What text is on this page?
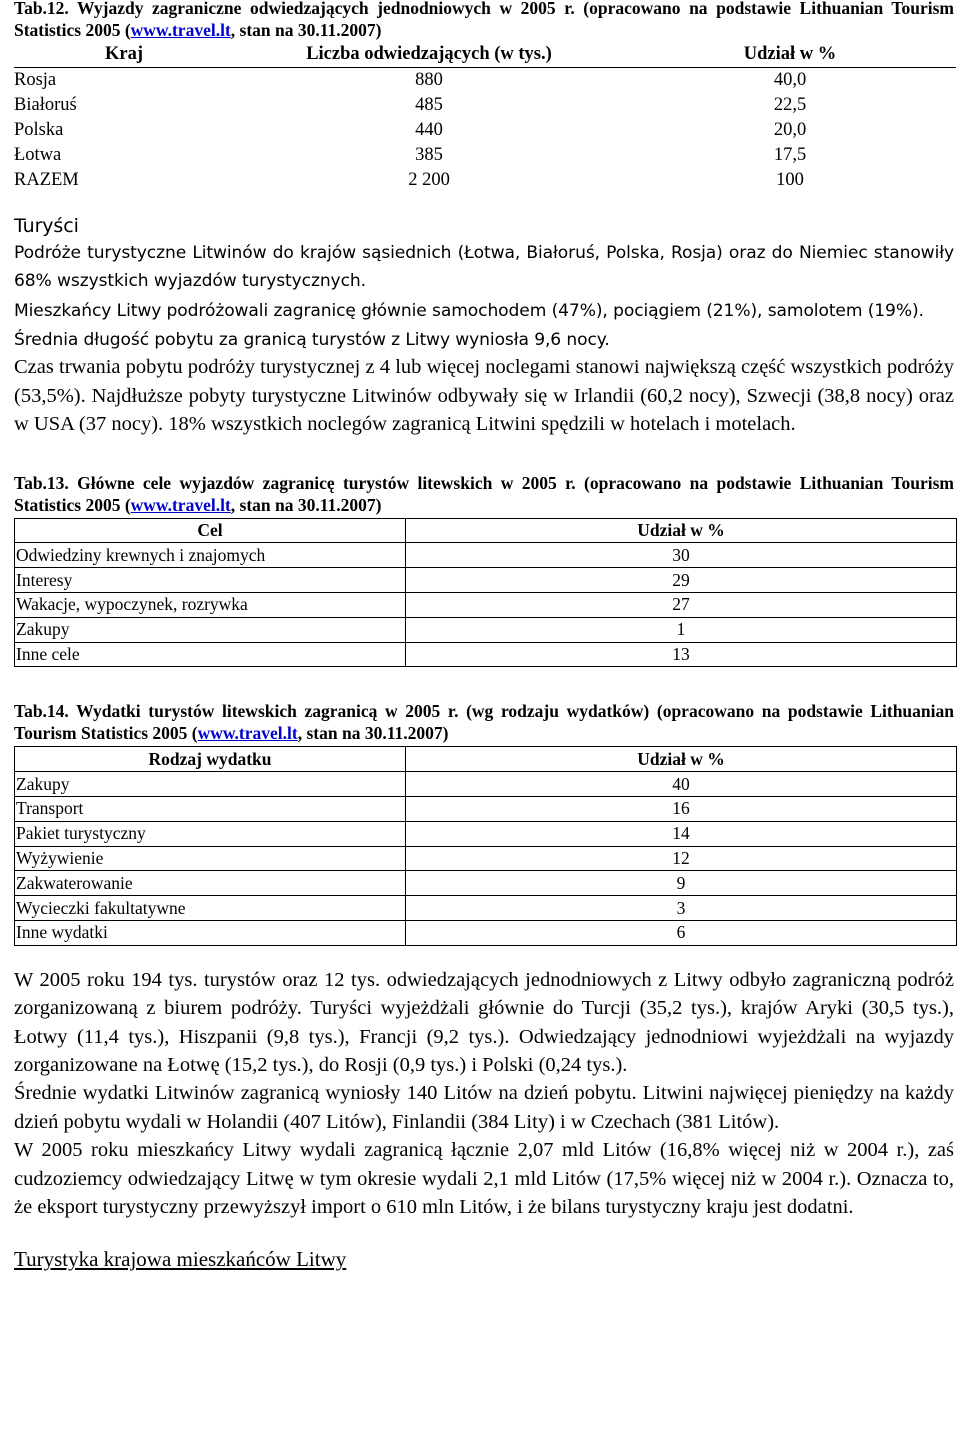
Tab.12. Wyjazdy zagraniczne odwiedzających jednodniowych w 2005 r. (opracowano na podstawie Lithuanian Tourism Statistics 2005 (www.travel.lt, stan na 30.11.2007)

Kraj	Liczba odwiedzających (w tys.)	Udział w %
Rosja	880	40,0
Białoruś	485	22,5
Polska	440	20,0
Łotwa	385	17,5
RAZEM	2 200	100

Turyści

Podróże turystyczne Litwinów do krajów sąsiednich (Łotwa, Białoruś, Polska, Rosja) oraz do Niemiec stanowiły 68% wszystkich wyjazdów turystycznych.

Mieszkańcy Litwy podróżowali zagranicę głównie samochodem (47%), pociągiem (21%), samolotem (19%).

Średnia długość pobytu za granicą turystów z Litwy wyniosła 9,6 nocy.

Czas trwania pobytu podróży turystycznej z 4 lub więcej noclegami stanowi największą część wszystkich podróży (53,5%). Najdłuższe pobyty turystyczne Litwinów odbywały się w Irlandii (60,2 nocy), Szwecji (38,8 nocy) oraz w USA (37 nocy). 18% wszystkich noclegów zagranicą Litwini spędzili w hotelach i motelach.

Tab.13. Główne cele wyjazdów zagranicę turystów litewskich w 2005 r. (opracowano na podstawie Lithuanian Tourism Statistics 2005 (www.travel.lt, stan na 30.11.2007)

Cel	Udział w %
Odwiedziny krewnych i znajomych	30
Interesy	29
Wakacje, wypoczynek, rozrywka	27
Zakupy	1
Inne cele	13

Tab.14. Wydatki turystów litewskich zagranicą w 2005 r. (wg rodzaju wydatków) (opracowano na podstawie Lithuanian Tourism Statistics 2005 (www.travel.lt, stan na 30.11.2007)

Rodzaj wydatku	Udział w %
Zakupy	40
Transport	16
Pakiet turystyczny	14
Wyżywienie	12
Zakwaterowanie	9
Wycieczki fakultatywne	3
Inne wydatki	6

W 2005 roku 194 tys. turystów oraz 12 tys. odwiedzających jednodniowych z Litwy odbyło zagraniczną podróż zorganizowaną z biurem podróży. Turyści wyjeżdżali głównie do Turcji (35,2 tys.), krajów Aryki (30,5 tys.), Łotwy (11,4 tys.), Hiszpanii (9,8 tys.), Francji (9,2 tys.). Odwiedzający jednodniowi wyjeżdżali na wyjazdy zorganizowane na Łotwę (15,2 tys.), do Rosji (0,9 tys.) i Polski (0,24 tys.).

Średnie wydatki Litwinów zagranicą wyniosły 140 Litów na dzień pobytu. Litwini najwięcej pieniędzy na każdy dzień pobytu wydali w Holandii (407 Litów), Finlandii (384 Lity) i w Czechach (381 Litów).

W 2005 roku mieszkańcy Litwy wydali zagranicą łącznie 2,07 mld Litów (16,8% więcej niż w 2004 r.), zaś cudzoziemcy odwiedzający Litwę w tym okresie wydali 2,1 mld Litów (17,5% więcej niż w 2004 r.). Oznacza to, że eksport turystyczny przewyższył import o 610 mln Litów, i że bilans turystyczny kraju jest dodatni.

Turystyka krajowa mieszkańców Litwy
